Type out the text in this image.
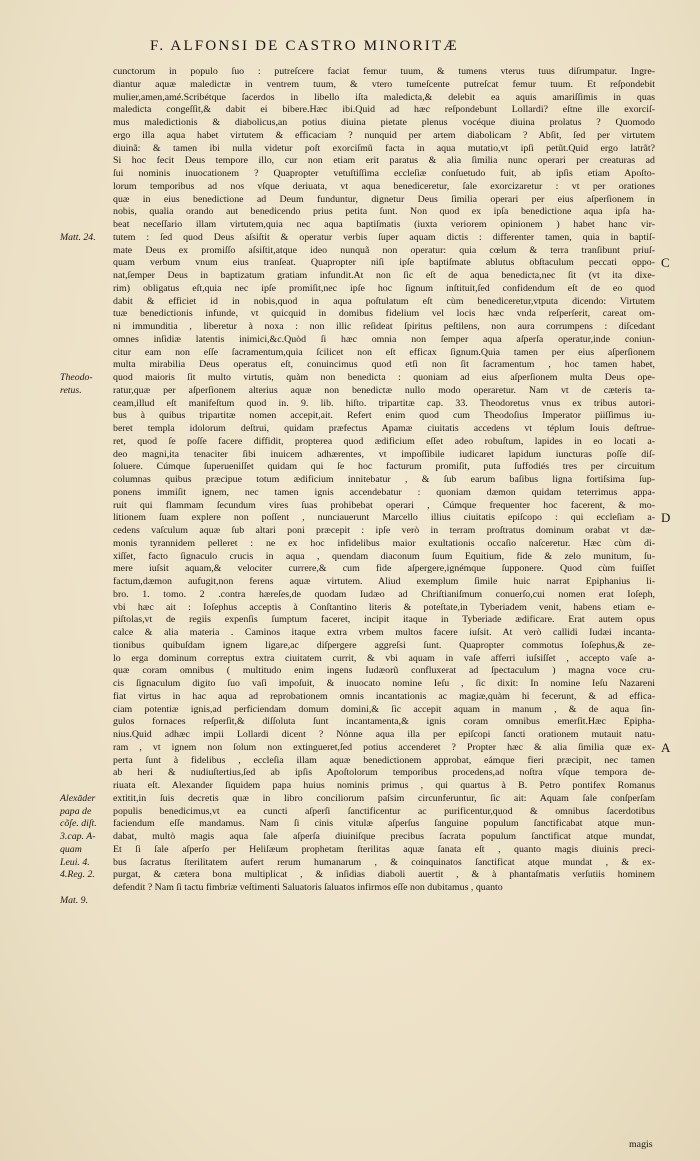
F. ALFONSI DE CASTRO MINORITÆ
cunctorum in populo ſuo : putreſcere faciat femur tuum, & tumens vterus tuus diſrumpatur. Ingre-
diantur aquæ maledictæ in ventrem tuum, & vtero tumeſcente putreſcat femur tuum. Et reſpondebit
mulier,amen,amé.Scribétque ſacerdos in libello iſta maledicta,& delebit ea aquis amariſſimis in quas
maledicta congeſſit,& dabit ei bibere.Hæc ibi.Quid ad hæc reſpondebunt Lollardi? eſtne ille exorciſ-
mus maledictionis & diabolicus,an potius diuina pietate plenus vocéque diuina prolatus ? Quomodo
ergo illa aqua habet virtutem & efficaciam ? nunquid per artem diabolicam ? Abſit, ſed per virtutem
diuinã: & tamen ibi nulla videtur poſt exorciſmũ facta in aqua mutatio,vt ipſi petũt.Quid ergo latrãt?
Si hoc fecit Deus tempore illo, cur non etiam erit paratus & alia ſimilia nunc operari per creaturas ad
ſui nominis inuocationem ? Quapropter vetuſtiſſima eccleſiæ conſuetudo fuit, ab ipſis etiam Apoſto-
lorum temporibus ad nos vſque deriuata, vt aqua benediceretur, ſale exorcizaretur : vt per orationes
quæ in eius benedictione ad Deum funduntur, dignetur Deus ſimilia operari per eius aſperſionem in
nobis, qualia orando aut benedicendo prius petita ſunt. Non quod ex ipſa benedictione aqua ipſa ha-
beat neceſſario illam virtutem,quia nec aqua baptiſmatis (iuxta veriorem opinionem ) habet hanc vir-
tutem : ſed quod Deus aſsiſtit & operatur verbis ſuper aquam dictis : differenter tamen, quia in baptiſ-
mate Deus ex promiſſo aſsiſtit,atque ideo nunquã non operatur: quia cœlum & terra tranſibunt priuſ-
quam verbum vnum eius tranſeat. Quapropter niſi ipſe baptiſmate ablutus obſtaculum peccati oppo-
nat,ſemper Deus in baptizatum gratiam infundit.At non ſic eſt de aqua benedicta,nec ſit (vt ita dixe-
rim) obligatus eſt,quia nec ipſe promiſit,nec ipſe hoc ſignum inſtituit,ſed confidendum eſt de eo quod
dabit & efficiet id in nobis,quod in aqua poſtulatum eſt cùm benediceretur,vtputa dicendo: Virtutem
tuæ benedictionis infunde, vt quicquid in domibus fidelium vel locis hæc vnda reſperſerit, careat om-
ni immunditia , liberetur à noxa : non illic reſideat ſpiritus peſtilens, non aura corrumpens : diſcedant
omnes inſidiæ latentis inimici,&c.Quòd ſi hæc omnia non ſemper aqua aſperſa operatur,inde coniun-
citur eam non eſſe ſacramentum,quia ſcilicet non eſt efficax ſignum.Quia tamen per eius aſperſionem
multa mirabilia Deus operatus eſt, conuincimus quod etſi non ſit ſacramentum , hoc tamen habet,
quod maioris ſit multo virtutis, quàm non benedicta : quoniam ad eius aſperſionem multa Deus ope-
ratur,quæ per aſperſionem alterius aquæ non benedictæ nullo modo operaretur. Nam vt de cæteris ta-
ceam,illud eſt manifeſtum quod in. 9. lib. hiſto. tripartitæ cap. 33. Theodoretus vnus ex tribus autori-
bus à quibus tripartitæ nomen accepit,ait. Refert enim quod cum Theodoſius Imperator piiſſimus iu-
beret templa idolorum deſtrui, quidam præfectus Apamæ ciuitatis accedens vt téplum Iouis deſtrue-
ret, quod ſe poſſe facere diffidit, propterea quod ædificium eſſet adeo robuſtum, lapides in eo locati a-
deo magni,ita tenaciter ſibi inuicem adhærentes, vt impoſſibile iudicaret lapidum iuncturas poſſe diſ-
ſoluere. Cúmque ſuperueniſſet quidam qui ſe hoc facturum promiſit, puta ſuffodiés tres per circuitum
columnas quibus præcipue totum ædificium innitebatur , & ſub earum baſibus ligna fortiſsima ſup-
ponens immiſit ignem, nec tamen ignis accendebatur : quoniam dæmon quidam teterrimus appa-
ruit qui flammam ſecundum vires ſuas prohibebat operari , Cúmque frequenter hoc facerent, & mo-
litionem ſuam explere non poſſent , nunciauerunt Marcello illius ciuitatis epiſcopo : qui eccleſiam a-
cedens vaſculum aquæ ſub altari poni præcepit : ipſe verò in terram proſtratus dominum orabat vt dæ-
monis tyrannidem pelleret : ne ex hoc infidelibus maior exultationis occaſio naſceretur. Hæc cùm di-
xiſſet, facto ſignaculo crucis in aqua , quendam diaconum ſuum Equitium, fide & zelo munitum, ſu-
mere iuſsit aquam,& velociter currere,& cum fide aſpergere,ignémque ſupponere. Quod cùm fuiſſet
factum,dæmon aufugit,non ferens aquæ virtutem. Aliud exemplum ſimile huic narrat Epiphanius li-
bro. 1. tomo. 2 .contra hæreſes,de quodam Iudæo ad Chriſtianiſmum conuerſo,cui nomen erat Ioſeph,
vbi hæc ait : Ioſephus acceptis à Conſtantino literis & poteſtate,in Tyberiadem venit, habens etiam e-
piſtolas,vt de regiis expenſis ſumptum faceret, incipit itaque in Tyberiade ædificare. Erat autem opus
calce & alia materia . Caminos itaque extra vrbem multos facere iuſsit. At verò callidi Iudæi incanta-
tionibus quibuſdam ignem ligare,ac diſpergere aggreſsi ſunt. Quapropter commotus Ioſephus,& ze-
lo erga dominum correptus extra ciuitatem currit, & vbi aquam in vaſe afferri iuſsiſſet , accepto vaſe a-
quæ coram omnibus ( multitudo enim ingens Iudæorũ confluxerat ad ſpectaculum ) magna voce cru-
cis ſignaculum digito ſuo vaſi impoſuit, & inuocato nomine Ieſu , ſic dixit: In nomine Ieſu Nazareni
fiat virtus in hac aqua ad reprobationem omnis incantationis ac magiæ,quàm hi fecerunt, & ad effica-
ciam potentiæ ignis,ad perficiendam domum domini,& ſic accepit aquam in manum , & de aqua ſin-
gulos fornaces reſperſit,& diſſoluta ſunt incantamenta,& ignis coram omnibus emerſit.Hæc Epipha-
nius.Quid adhæc impii Lollardi dicent ? Nónne aqua illa per epiſcopi ſancti orationem mutauit natu-
ram , vt ignem non ſolum non extingueret,ſed potius accenderet ? Propter hæc & alia ſimilia quæ ex-
perta ſunt à fidelibus , eccleſia illam aquæ benedictionem approbat, eámque fieri præcipit, nec tamen
ab heri & nudiuſtertius,ſed ab ipſis Apoſtolorum temporibus procedens,ad noſtra vſque tempora de-
riuata eſt. Alexander ſiquidem papa huius nominis primus , qui quartus à B. Petro pontifex Romanus
extitit,in ſuis decretis quæ in libro conciliorum paſsim circunferuntur, ſic ait: Aquam ſale conſperſam
populis benedicimus,vt ea cuncti aſperſi ſanctificentur ac purificentur,quod & omnibus ſacerdotibus
faciendum eſſe mandamus. Nam ſi cinis vitulæ aſperſus ſanguine populum ſanctificabat atque mun-
dabat, multò magis aqua ſale aſperſa diuiniſque precibus ſacrata populum ſanctificat atque mundat,
Et ſi ſale aſperſo per Heliſæum prophetam ſterilitas aquæ ſanata eſt , quanto magis diuinis preci-
bus ſacratus ſterilitatem aufert rerum humanarum , & coinquinatos ſanctificat atque mundat , & ex-
purgat, & cætera bona multiplicat , & inſidias diaboli auertit , & à phantaſmatis verſutiis hominem
defendit ? Nam ſi tactu fimbriæ veſtimenti Saluatoris ſaluatos infirmos eſſe non dubitamus , quanto
Matt. 24.
Theodo-
retus.
Alexāder
papa de
cõſe. diſt.
3.cap. A-
quam
Leui. 4.
4.Reg. 2.
Mat. 9.
C
D
A
magis
